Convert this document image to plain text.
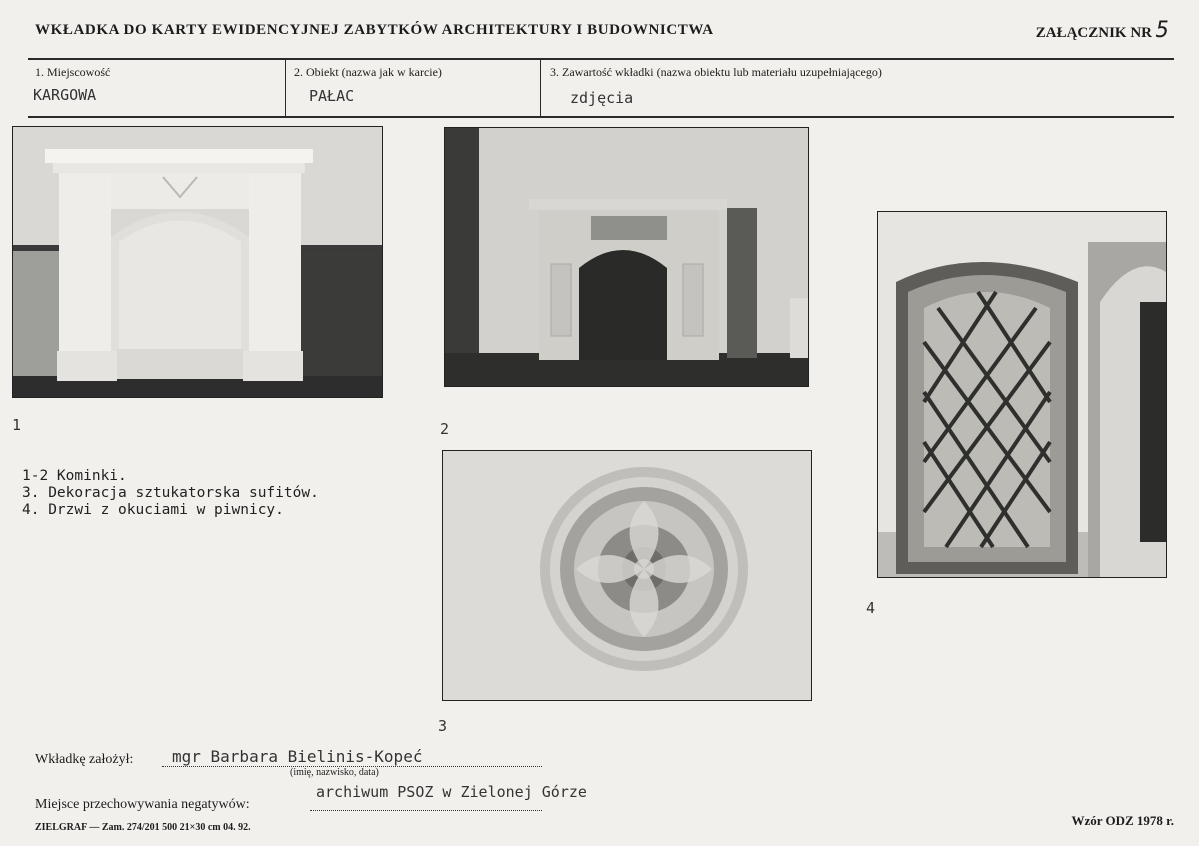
WKŁADKA DO KARTY EWIDENCYJNEJ ZABYTKÓW ARCHITEKTURY I BUDOWNICTWA	ZAŁĄCZNIK NR 5
1. Miejscowość
KARGOWA
2. Obiekt (nazwa jak w karcie)
PAŁAC
3. Zawartość wkładki (nazwa obiektu lub materiału uzupełniającego)
zdjęcia
1	2
3
4
1-2 Kominki.
3. Dekoracja sztukatorska sufitów.
4. Drzwi z okuciami w piwnicy.
Wkładkę założył: mgr Barbara Bielinis-Kopeć
(imię, nazwisko, data)
Miejsce przechowywania negatywów:
archiwum PSOZ w Zielonej Górze
ZIELGRAF — Zam. 274/201 500 21×30 cm 04. 92.	Wzór ODZ 1978 r.
